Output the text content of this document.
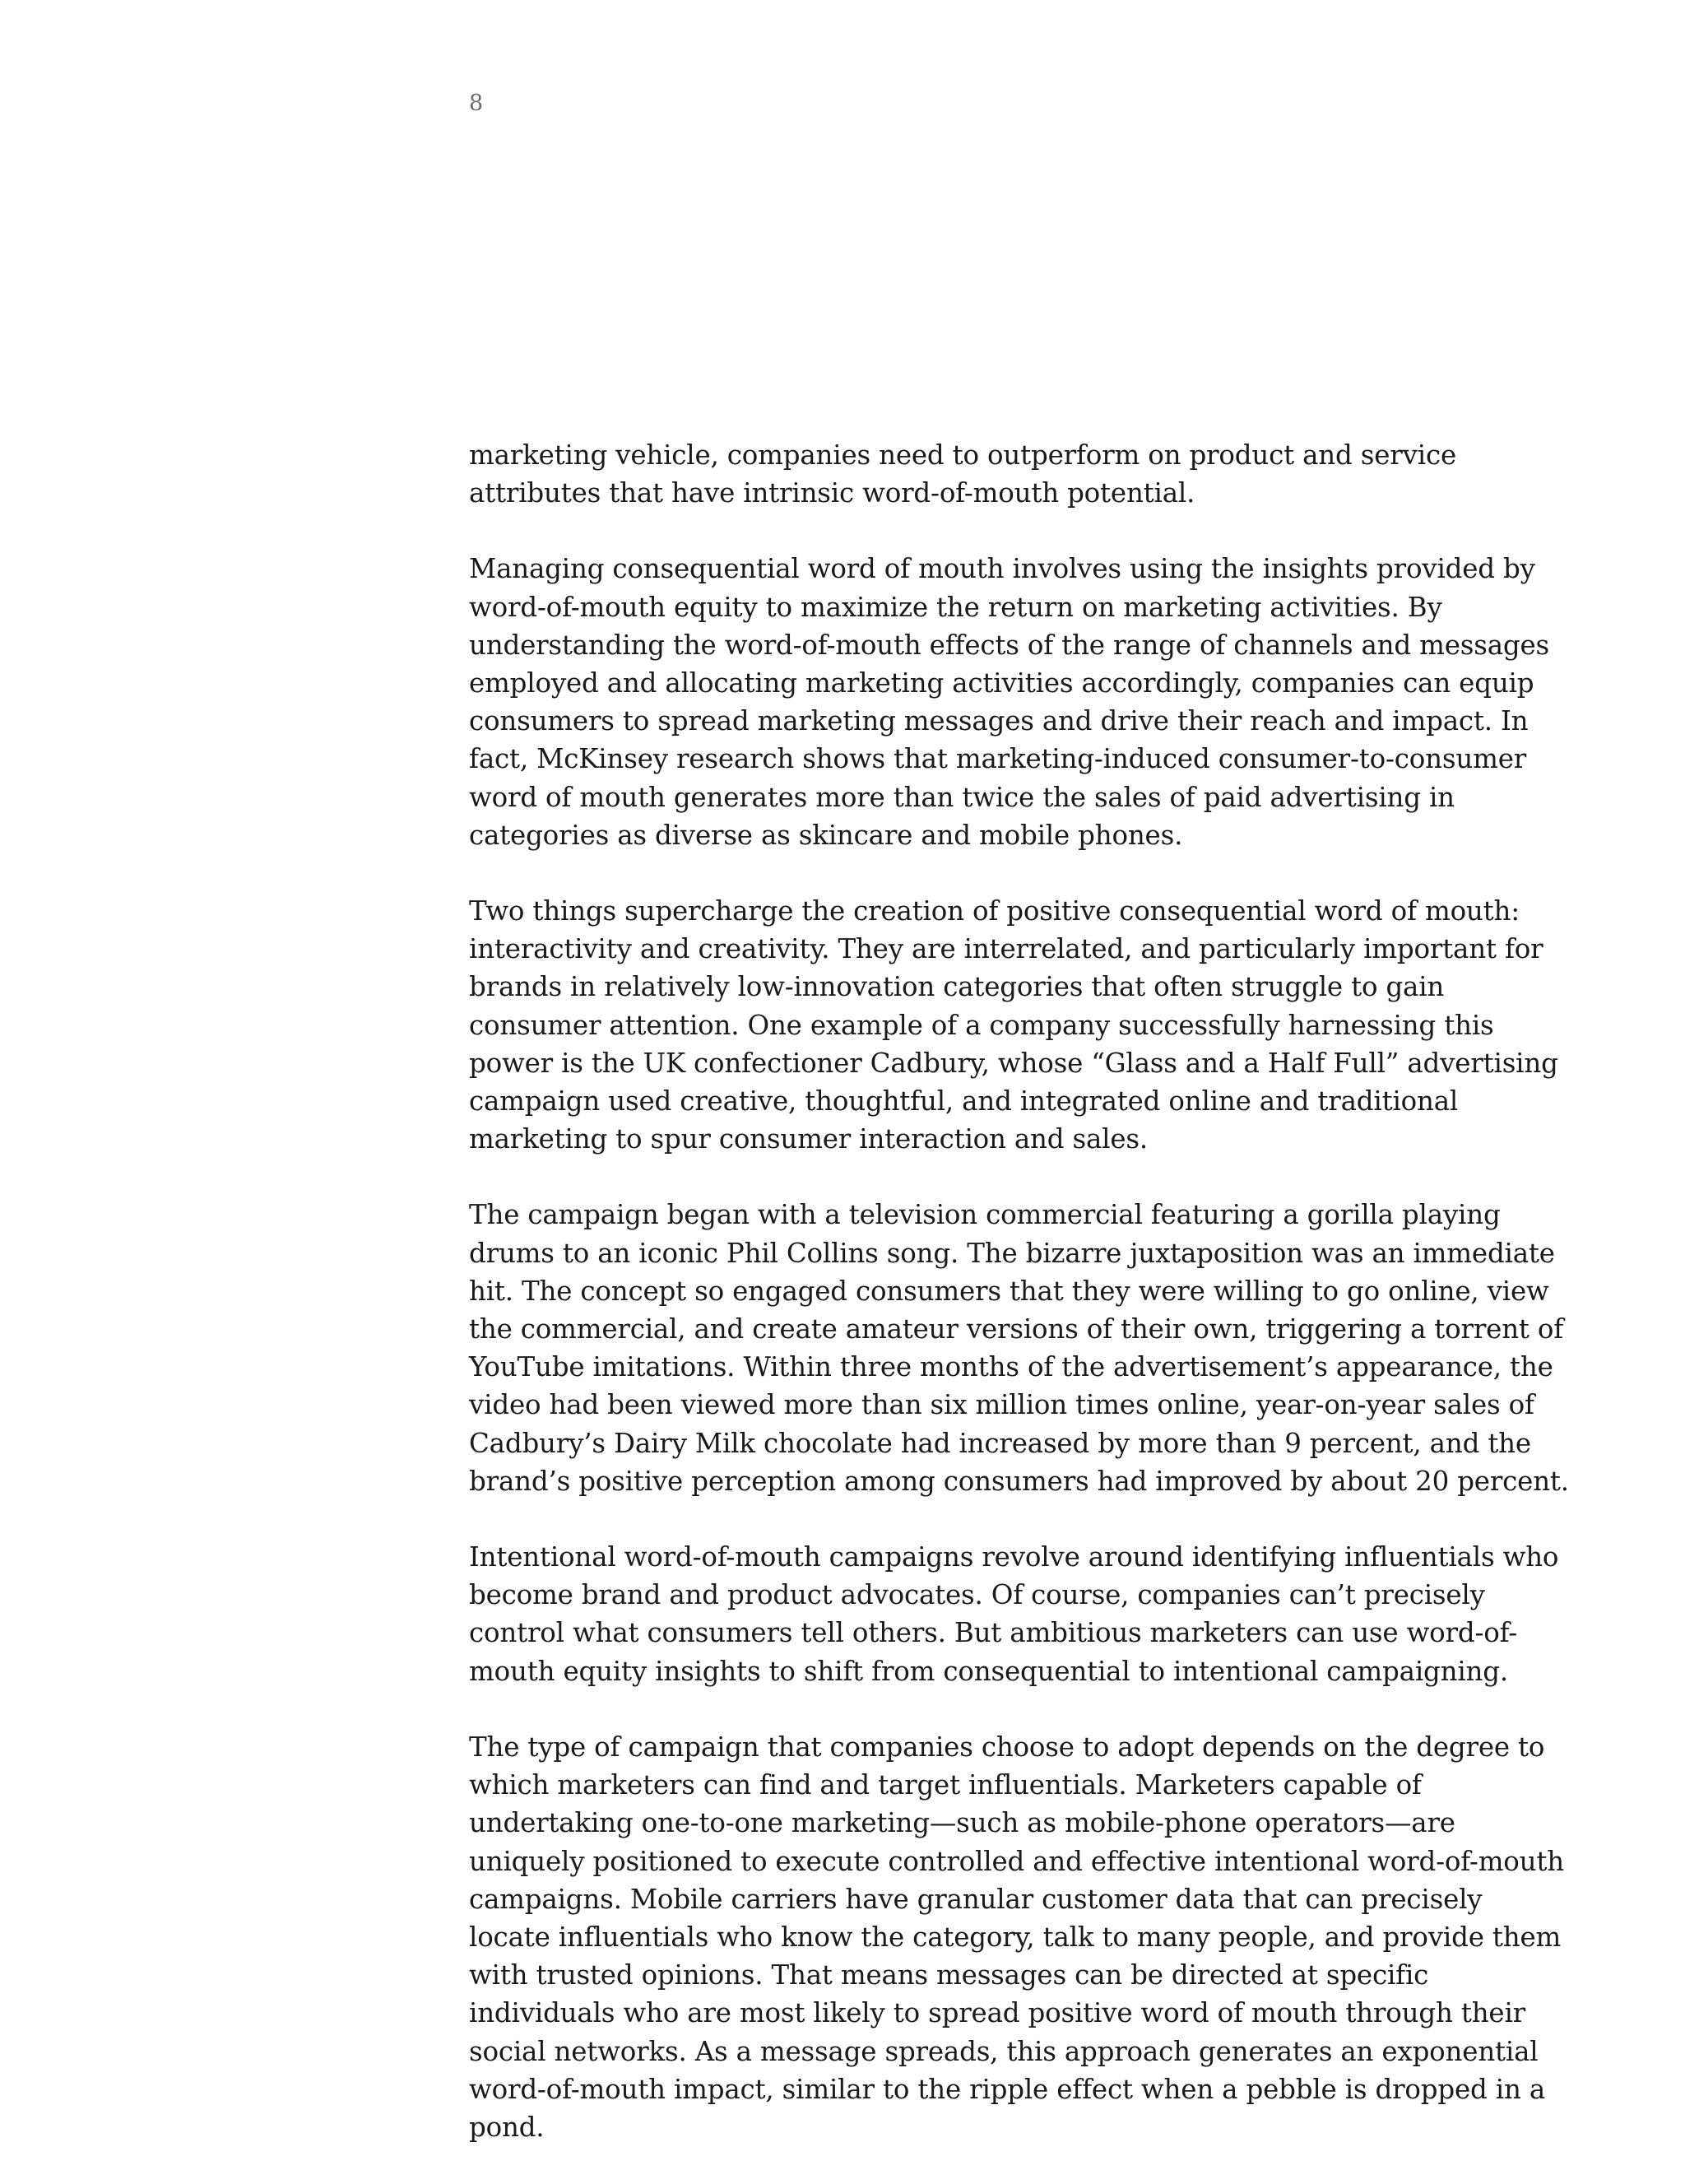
8

marketing vehicle, companies need to outperform on product and service attributes that have intrinsic word-of-mouth potential.

Managing consequential word of mouth involves using the insights provided by word-of-mouth equity to maximize the return on marketing activities. By understanding the word-of-mouth effects of the range of channels and messages employed and allocating marketing activities accordingly, companies can equip consumers to spread marketing messages and drive their reach and impact. In fact, McKinsey research shows that marketing-induced consumer-to-consumer word of mouth generates more than twice the sales of paid advertising in categories as diverse as skincare and mobile phones.

Two things supercharge the creation of positive consequential word of mouth: interactivity and creativity. They are interrelated, and particularly important for brands in relatively low-innovation categories that often struggle to gain consumer attention. One example of a company successfully harnessing this power is the UK confectioner Cadbury, whose “Glass and a Half Full” advertising campaign used creative, thoughtful, and integrated online and traditional marketing to spur consumer interaction and sales.

The campaign began with a television commercial featuring a gorilla playing drums to an iconic Phil Collins song. The bizarre juxtaposition was an immediate hit. The concept so engaged consumers that they were willing to go online, view the commercial, and create amateur versions of their own, triggering a torrent of YouTube imitations. Within three months of the advertisement’s appearance, the video had been viewed more than six million times online, year-on-year sales of Cadbury’s Dairy Milk chocolate had increased by more than 9 percent, and the brand’s positive perception among consumers had improved by about 20 percent.

Intentional word-of-mouth campaigns revolve around identifying influentials who become brand and product advocates. Of course, companies can’t precisely control what consumers tell others. But ambitious marketers can use word-of-mouth equity insights to shift from consequential to intentional campaigning.

The type of campaign that companies choose to adopt depends on the degree to which marketers can find and target influentials. Marketers capable of undertaking one-to-one marketing—such as mobile-phone operators—are uniquely positioned to execute controlled and effective intentional word-of-mouth campaigns. Mobile carriers have granular customer data that can precisely locate influentials who know the category, talk to many people, and provide them with trusted opinions. That means messages can be directed at specific individuals who are most likely to spread positive word of mouth through their social networks. As a message spreads, this approach generates an exponential word-of-mouth impact, similar to the ripple effect when a pebble is dropped in a pond.
